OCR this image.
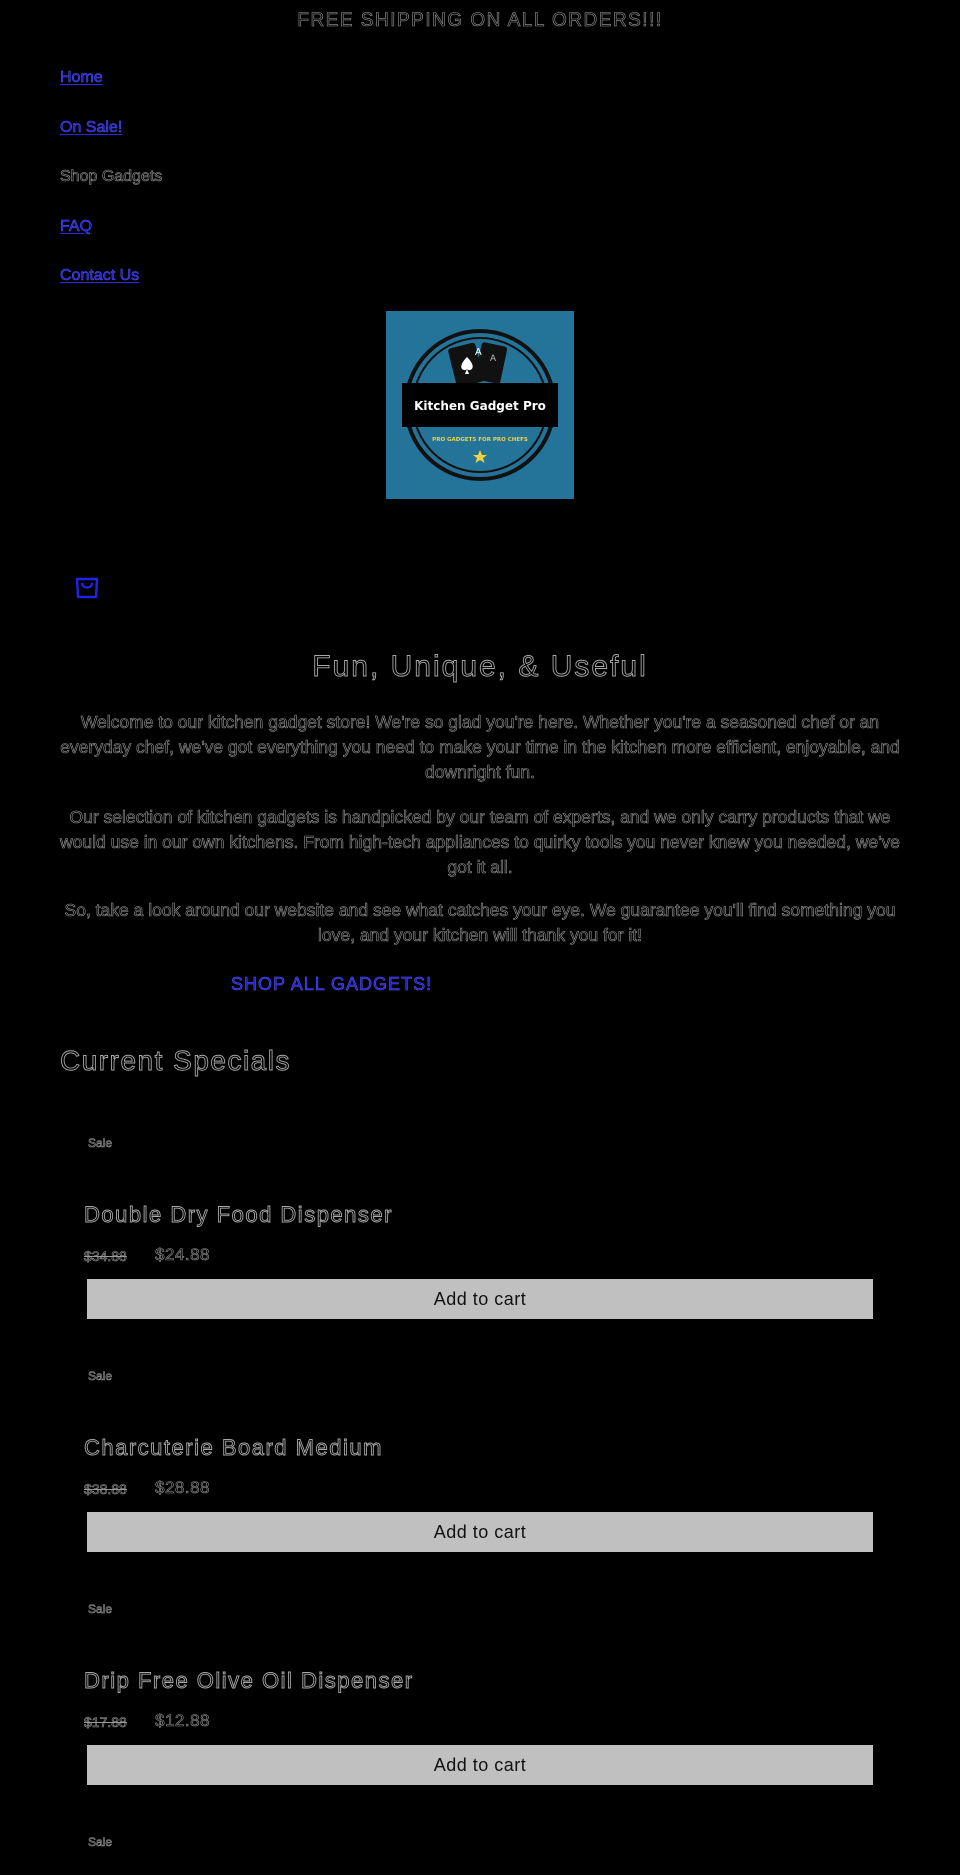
FREE SHIPPING ON ALL ORDERS!!!
Home
On Sale!
Shop Gadgets
FAQ
Contact Us
A A
Kitchen Gadget Pro
PRO GADGETS FOR PRO CHEFS
Fun, Unique, & Useful

Welcome to our kitchen gadget store! We're so glad you're here. Whether you're a seasoned chef or an everyday chef, we've got everything you need to make your time in the kitchen more efficient, enjoyable, and downright fun.

Our selection of kitchen gadgets is handpicked by our team of experts, and we only carry products that we would use in our own kitchens. From high-tech appliances to quirky tools you never knew you needed, we've got it all.

So, take a look around our website and see what catches your eye. We guarantee you'll find something you love, and your kitchen will thank you for it!

SHOP ALL GADGETS!
Current Specials
Sale
Double Dry Food Dispenser
$34.88 $24.88
Add to cart
Sale
Charcuterie Board Medium
$38.88 $28.88
Add to cart
Sale
Drip Free Olive Oil Dispenser
$17.88 $12.88
Add to cart
Sale
